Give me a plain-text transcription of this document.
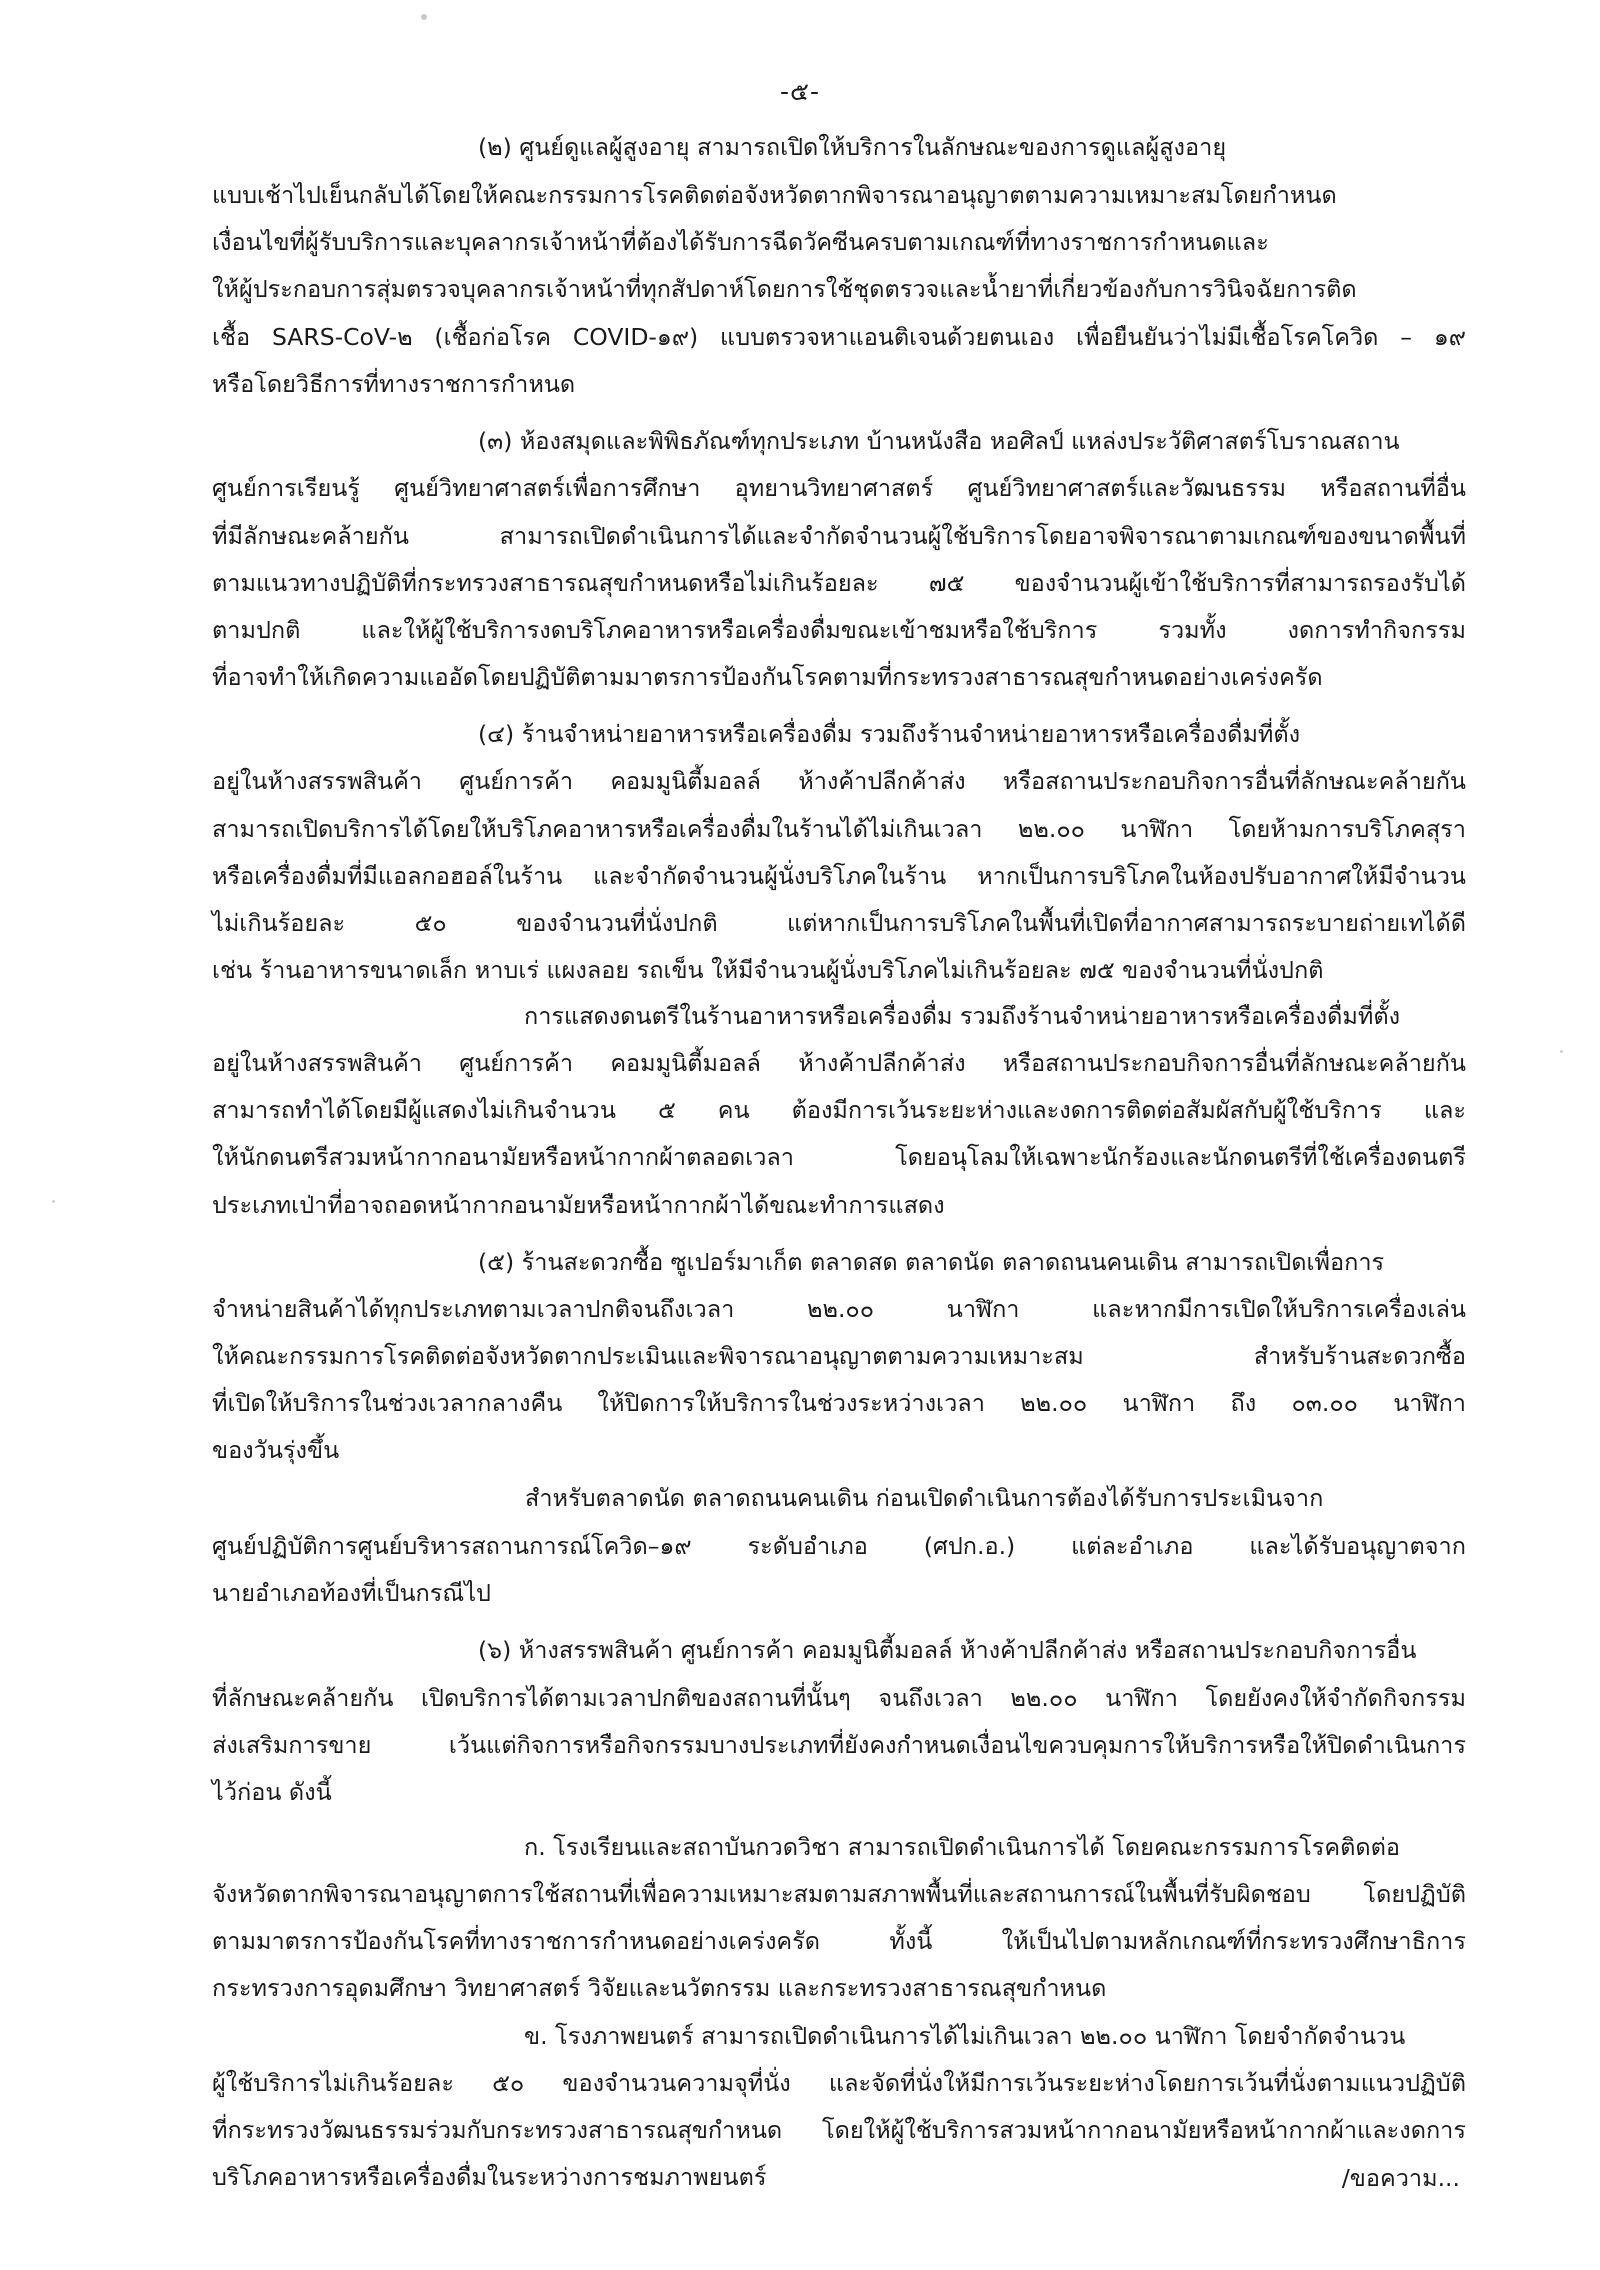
-๕-
(๒) ศูนย์ดูแลผู้สูงอายุ สามารถเปิดให้บริการในลักษณะของการดูแลผู้สูงอายุ
แบบเช้าไปเย็นกลับได้โดยให้คณะกรรมการโรคติดต่อจังหวัดตากพิจารณาอนุญาตตามความเหมาะสมโดยกำหนด
เงื่อนไขที่ผู้รับบริการและบุคลากรเจ้าหน้าที่ต้องได้รับการฉีดวัคซีนครบตามเกณฑ์ที่ทางราชการกำหนดและ
ให้ผู้ประกอบการสุ่มตรวจบุคลากรเจ้าหน้าที่ทุกสัปดาห์โดยการใช้ชุดตรวจและน้ำยาที่เกี่ยวข้องกับการวินิจฉัยการติด
เชื้อ SARS-CoV-๒ (เชื้อก่อโรค COVID-๑๙) แบบตรวจหาแอนติเจนด้วยตนเอง เพื่อยืนยันว่าไม่มีเชื้อโรคโควิด – ๑๙
หรือโดยวิธีการที่ทางราชการกำหนด
(๓) ห้องสมุดและพิพิธภัณฑ์ทุกประเภท บ้านหนังสือ หอศิลป์ แหล่งประวัติศาสตร์โบราณสถาน
ศูนย์การเรียนรู้ ศูนย์วิทยาศาสตร์เพื่อการศึกษา อุทยานวิทยาศาสตร์ ศูนย์วิทยาศาสตร์และวัฒนธรรม หรือสถานที่อื่น
ที่มีลักษณะคล้ายกัน สามารถเปิดดำเนินการได้และจำกัดจำนวนผู้ใช้บริการโดยอาจพิจารณาตามเกณฑ์ของขนาดพื้นที่
ตามแนวทางปฏิบัติที่กระทรวงสาธารณสุขกำหนดหรือไม่เกินร้อยละ ๗๕ ของจำนวนผู้เข้าใช้บริการที่สามารถรองรับได้
ตามปกติ และให้ผู้ใช้บริการงดบริโภคอาหารหรือเครื่องดื่มขณะเข้าชมหรือใช้บริการ รวมทั้ง งดการทำกิจกรรม
ที่อาจทำให้เกิดความแออัดโดยปฏิบัติตามมาตรการป้องกันโรคตามที่กระทรวงสาธารณสุขกำหนดอย่างเคร่งครัด
(๔) ร้านจำหน่ายอาหารหรือเครื่องดื่ม รวมถึงร้านจำหน่ายอาหารหรือเครื่องดื่มที่ตั้ง
อยู่ในห้างสรรพสินค้า ศูนย์การค้า คอมมูนิตี้มอลล์ ห้างค้าปลีกค้าส่ง หรือสถานประกอบกิจการอื่นที่ลักษณะคล้ายกัน
สามารถเปิดบริการได้โดยให้บริโภคอาหารหรือเครื่องดื่มในร้านได้ไม่เกินเวลา ๒๒.๐๐ นาฬิกา โดยห้ามการบริโภคสุรา
หรือเครื่องดื่มที่มีแอลกอฮอล์ในร้าน และจำกัดจำนวนผู้นั่งบริโภคในร้าน หากเป็นการบริโภคในห้องปรับอากาศให้มีจำนวน
ไม่เกินร้อยละ ๕๐ ของจำนวนที่นั่งปกติ แต่หากเป็นการบริโภคในพื้นที่เปิดที่อากาศสามารถระบายถ่ายเทได้ดี
เช่น ร้านอาหารขนาดเล็ก หาบเร่ แผงลอย รถเข็น ให้มีจำนวนผู้นั่งบริโภคไม่เกินร้อยละ ๗๕ ของจำนวนที่นั่งปกติ
การแสดงดนตรีในร้านอาหารหรือเครื่องดื่ม รวมถึงร้านจำหน่ายอาหารหรือเครื่องดื่มที่ตั้ง
อยู่ในห้างสรรพสินค้า ศูนย์การค้า คอมมูนิตี้มอลล์ ห้างค้าปลีกค้าส่ง หรือสถานประกอบกิจการอื่นที่ลักษณะคล้ายกัน
สามารถทำได้โดยมีผู้แสดงไม่เกินจำนวน ๕ คน ต้องมีการเว้นระยะห่างและงดการติดต่อสัมผัสกับผู้ใช้บริการ และ
ให้นักดนตรีสวมหน้ากากอนามัยหรือหน้ากากผ้าตลอดเวลา โดยอนุโลมให้เฉพาะนักร้องและนักดนตรีที่ใช้เครื่องดนตรี
ประเภทเป่าที่อาจถอดหน้ากากอนามัยหรือหน้ากากผ้าได้ขณะทำการแสดง
(๕) ร้านสะดวกซื้อ ซูเปอร์มาเก็ต ตลาดสด ตลาดนัด ตลาดถนนคนเดิน สามารถเปิดเพื่อการ
จำหน่ายสินค้าได้ทุกประเภทตามเวลาปกติจนถึงเวลา ๒๒.๐๐ นาฬิกา และหากมีการเปิดให้บริการเครื่องเล่น
ให้คณะกรรมการโรคติดต่อจังหวัดตากประเมินและพิจารณาอนุญาตตามความเหมาะสม สำหรับร้านสะดวกซื้อ
ที่เปิดให้บริการในช่วงเวลากลางคืน ให้ปิดการให้บริการในช่วงระหว่างเวลา ๒๒.๐๐ นาฬิกา ถึง ๐๓.๐๐ นาฬิกา
ของวันรุ่งขึ้น
สำหรับตลาดนัด ตลาดถนนคนเดิน ก่อนเปิดดำเนินการต้องได้รับการประเมินจาก
ศูนย์ปฏิบัติการศูนย์บริหารสถานการณ์โควิด–๑๙ ระดับอำเภอ (ศปก.อ.) แต่ละอำเภอ และได้รับอนุญาตจาก
นายอำเภอท้องที่เป็นกรณีไป
(๖) ห้างสรรพสินค้า ศูนย์การค้า คอมมูนิตี้มอลล์ ห้างค้าปลีกค้าส่ง หรือสถานประกอบกิจการอื่น
ที่ลักษณะคล้ายกัน เปิดบริการได้ตามเวลาปกติของสถานที่นั้นๆ จนถึงเวลา ๒๒.๐๐ นาฬิกา โดยยังคงให้จำกัดกิจกรรม
ส่งเสริมการขาย เว้นแต่กิจการหรือกิจกรรมบางประเภทที่ยังคงกำหนดเงื่อนไขควบคุมการให้บริการหรือให้ปิดดำเนินการ
ไว้ก่อน ดังนี้
ก. โรงเรียนและสถาบันกวดวิชา สามารถเปิดดำเนินการได้ โดยคณะกรรมการโรคติดต่อ
จังหวัดตากพิจารณาอนุญาตการใช้สถานที่เพื่อความเหมาะสมตามสภาพพื้นที่และสถานการณ์ในพื้นที่รับผิดชอบ โดยปฏิบัติ
ตามมาตรการป้องกันโรคที่ทางราชการกำหนดอย่างเคร่งครัด ทั้งนี้ ให้เป็นไปตามหลักเกณฑ์ที่กระทรวงศึกษาธิการ
กระทรวงการอุดมศึกษา วิทยาศาสตร์ วิจัยและนวัตกรรม และกระทรวงสาธารณสุขกำหนด
ข. โรงภาพยนตร์ สามารถเปิดดำเนินการได้ไม่เกินเวลา ๒๒.๐๐ นาฬิกา โดยจำกัดจำนวน
ผู้ใช้บริการไม่เกินร้อยละ ๕๐ ของจำนวนความจุที่นั่ง และจัดที่นั่งให้มีการเว้นระยะห่างโดยการเว้นที่นั่งตามแนวปฏิบัติ
ที่กระทรวงวัฒนธรรมร่วมกับกระทรวงสาธารณสุขกำหนด โดยให้ผู้ใช้บริการสวมหน้ากากอนามัยหรือหน้ากากผ้าและงดการ
บริโภคอาหารหรือเครื่องดื่มในระหว่างการชมภาพยนตร์	/ขอความ...
